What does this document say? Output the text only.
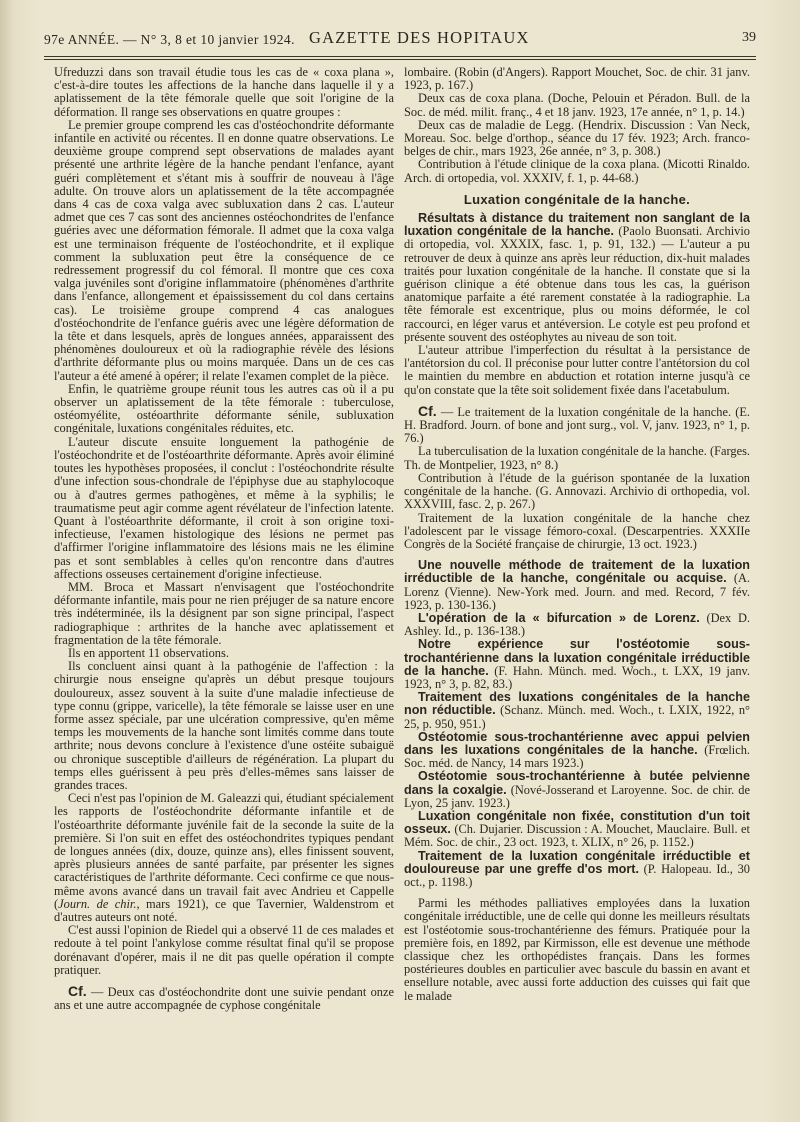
97e ANNÉE. — N° 3, 8 et 10 janvier 1924. GAZETTE DES HOPITAUX	39

Ufreduzzi dans son travail étudie tous les cas de « coxa plana », c'est-à-dire toutes les affections de la hanche dans laquelle il y a aplatissement de la tête fémorale quelle que soit l'origine de la déformation. Il range ses observations en quatre groupes :

Le premier groupe comprend les cas d'ostéochondrite déformante infantile en activité ou récentes. Il en donne quatre observations. Le deuxième groupe comprend sept observations de malades ayant présenté une arthrite légère de la hanche pendant l'enfance, ayant guéri complètement et s'étant mis à souffrir de nouveau à l'âge adulte. On trouve alors un aplatissement de la tête accompagnée dans 4 cas de coxa valga avec subluxation dans 2 cas. L'auteur admet que ces 7 cas sont des anciennes ostéochondrites de l'enfance guéries avec une déformation fémorale. Il admet que la coxa valga est une terminaison fréquente de l'ostéochondrite, et il explique comment la subluxation peut être la conséquence de ce redressement progressif du col fémoral. Il montre que ces coxa valga juvéniles sont d'origine inflammatoire (phénomènes d'arthrite dans l'enfance, allongement et épaississement du col dans certains cas). Le troisième groupe comprend 4 cas analogues d'ostéochondrite de l'enfance guéris avec une légère déformation de la tête et dans lesquels, après de longues années, apparaissent des phénomènes douloureux et où la radiographie révèle des lésions d'arthrite déformante plus ou moins marquée. Dans un de ces cas l'auteur a été amené à opérer; il relate l'examen complet de la pièce.

Enfin, le quatrième groupe réunit tous les autres cas où il a pu observer un aplatissement de la tête fémorale : tuberculose, ostéomyélite, ostéoarthrite déformante sénile, subluxation congénitale, luxations congénitales réduites, etc.

L'auteur discute ensuite longuement la pathogénie de l'ostéochondrite et de l'ostéoarthrite déformante. Après avoir éliminé toutes les hypothèses proposées, il conclut : l'ostéochondrite résulte d'une infection sous-chondrale de l'épiphyse due au staphylocoque ou à d'autres germes pathogènes, et même à la syphilis; le traumatisme peut agir comme agent révélateur de l'infection latente. Quant à l'ostéoarthrite déformante, il croit à son origine toxi-infectieuse, l'examen histologique des lésions ne permet pas d'affirmer l'origine inflammatoire des lésions mais ne les élimine pas et sont semblables à celles qu'on rencontre dans d'autres affections osseuses certainement d'origine infectieuse.

MM. Broca et Massart n'envisagent que l'ostéochondrite déformante infantile, mais pour ne rien préjuger de sa nature encore très indéterminée, ils la désignent par son signe principal, l'aspect radiographique : arthrites de la hanche avec aplatissement et fragmentation de la tête fémorale.

Ils en apportent 11 observations.

Ils concluent ainsi quant à la pathogénie de l'affection : la chirurgie nous enseigne qu'après un début presque toujours douloureux, assez souvent à la suite d'une maladie infectieuse de type connu (grippe, varicelle), la tête fémorale se laisse user en une forme assez spéciale, par une ulcération compressive, qu'en même temps les mouvements de la hanche sont limités comme dans toute arthrite; nous devons conclure à l'existence d'une ostéite subaiguë ou chronique susceptible d'ailleurs de régénération. La plupart du temps elles guérissent à peu près d'elles-mêmes sans laisser de grandes traces.

Ceci n'est pas l'opinion de M. Galeazzi qui, étudiant spécialement les rapports de l'ostéochondrite déformante infantile et de l'ostéoarthrite déformante juvénile fait de la seconde la suite de la première. Si l'on suit en effet des ostéochondrites typiques pendant de longues années (dix, douze, quinze ans), elles finissent souvent, après plusieurs années de santé parfaite, par présenter les signes caractéristiques de l'arthrite déformante. Ceci confirme ce que nous-même avons avancé dans un travail fait avec Andrieu et Cappelle (Journ. de chir., mars 1921), ce que Tavernier, Waldenstrom et d'autres auteurs ont noté.

C'est aussi l'opinion de Riedel qui a observé 11 de ces malades et redoute à tel point l'ankylose comme résultat final qu'il se propose dorénavant d'opérer, mais il ne dit pas quelle opération il compte pratiquer.

Cf. — Deux cas d'ostéochondrite dont une suivie pendant onze ans et une autre accompagnée de cyphose congénitale

lombaire. (Robin (d'Angers). Rapport Mouchet, Soc. de chir. 31 janv. 1923, p. 167.)

Deux cas de coxa plana. (Doche, Pelouin et Péradon. Bull. de la Soc. de méd. milit. franç., 4 et 18 janv. 1923, 17e année, n° 1, p. 14.)

Deux cas de maladie de Legg. (Hendrix. Discussion : Van Neck, Moreau. Soc. belge d'orthop., séance du 17 fév. 1923; Arch. franco-belges de chir., mars 1923, 26e année, n° 3, p. 308.)

Contribution à l'étude clinique de la coxa plana. (Micotti Rinaldo. Arch. di ortopedia, vol. XXXIV, f. 1, p. 44-68.)

Luxation congénitale de la hanche.

Résultats à distance du traitement non sanglant de la luxation congénitale de la hanche. (Paolo Buonsati. Archivio di ortopedia, vol. XXXIX, fasc. 1, p. 91, 132.) — L'auteur a pu retrouver de deux à quinze ans après leur réduction, dix-huit malades traités pour luxation congénitale de la hanche. Il constate que si la guérison clinique a été obtenue dans tous les cas, la guérison anatomique parfaite a été rarement constatée à la radiographie. La tête fémorale est excentrique, plus ou moins déformée, le col raccourci, en léger varus et antéversion. Le cotyle est peu profond et présente souvent des ostéophytes au niveau de son toit.

L'auteur attribue l'imperfection du résultat à la persistance de l'antétorsion du col. Il préconise pour lutter contre l'antétorsion du col le maintien du membre en abduction et rotation interne jusqu'à ce qu'on constate que la tête soit solidement fixée dans l'acetabulum.

Cf. — Le traitement de la luxation congénitale de la hanche. (E. H. Bradford. Journ. of bone and jont surg., vol. V, janv. 1923, n° 1, p. 76.)

La tuberculisation de la luxation congénitale de la hanche. (Farges. Th. de Montpelier, 1923, n° 8.)

Contribution à l'étude de la guérison spontanée de la luxation congénitale de la hanche. (G. Annovazi. Archivio di orthopedia, vol. XXXVIII, fasc. 2, p. 267.)

Traitement de la luxation congénitale de la hanche chez l'adolescent par le vissage fémoro-coxal. (Descarpentries. XXXIIe Congrès de la Société française de chirurgie, 13 oct. 1923.)

Une nouvelle méthode de traitement de la luxation irréductible de la hanche, congénitale ou acquise. (A. Lorenz (Vienne). New-York med. Journ. and med. Record, 7 fév. 1923, p. 130-136.)

L'opération de la « bifurcation » de Lorenz. (Dex D. Ashley. Id., p. 136-138.)

Notre expérience sur l'ostéotomie sous-trochantérienne dans la luxation congénitale irréductible de la hanche. (F. Hahn. Münch. med. Woch., t. LXX, 19 janv. 1923, n° 3, p. 82, 83.)

Traitement des luxations congénitales de la hanche non réductible. (Schanz. Münch. med. Woch., t. LXIX, 1922, n° 25, p. 950, 951.)

Ostéotomie sous-trochantérienne avec appui pelvien dans les luxations congénitales de la hanche. (Frœlich. Soc. méd. de Nancy, 14 mars 1923.)

Ostéotomie sous-trochantérienne à butée pelvienne dans la coxalgie. (Nové-Josserand et Laroyenne. Soc. de chir. de Lyon, 25 janv. 1923.)

Luxation congénitale non fixée, constitution d'un toit osseux. (Ch. Dujarier. Discussion : A. Mouchet, Mauclaire. Bull. et Mém. Soc. de chir., 23 oct. 1923, t. XLIX, n° 26, p. 1152.)

Traitement de la luxation congénitale irréductible et douloureuse par une greffe d'os mort. (P. Halopeau. Id., 30 oct., p. 1198.)

Parmi les méthodes palliatives employées dans la luxation congénitale irréductible, une de celle qui donne les meilleurs résultats est l'ostéotomie sous-trochantérienne des fémurs. Pratiquée pour la première fois, en 1892, par Kirmisson, elle est devenue une méthode classique chez les orthopédistes français. Dans les formes postérieures doubles en particulier avec bascule du bassin en avant et ensellure notable, avec aussi forte adduction des cuisses qui fait que le malade
